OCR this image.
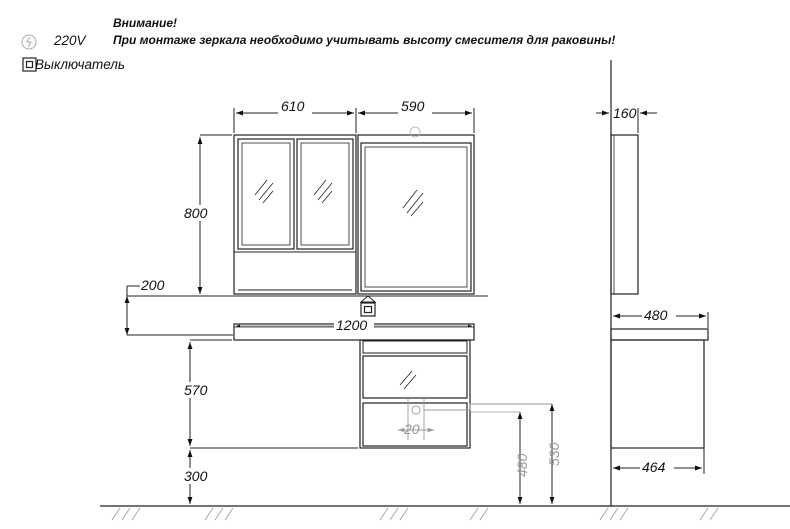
Внимание!
При монтаже зеркала необходимо учитывать высоту смесителя для раковины!
220V
Выключатель
200
610	590
800
1200
20
570
300	480 530
160
480
464
